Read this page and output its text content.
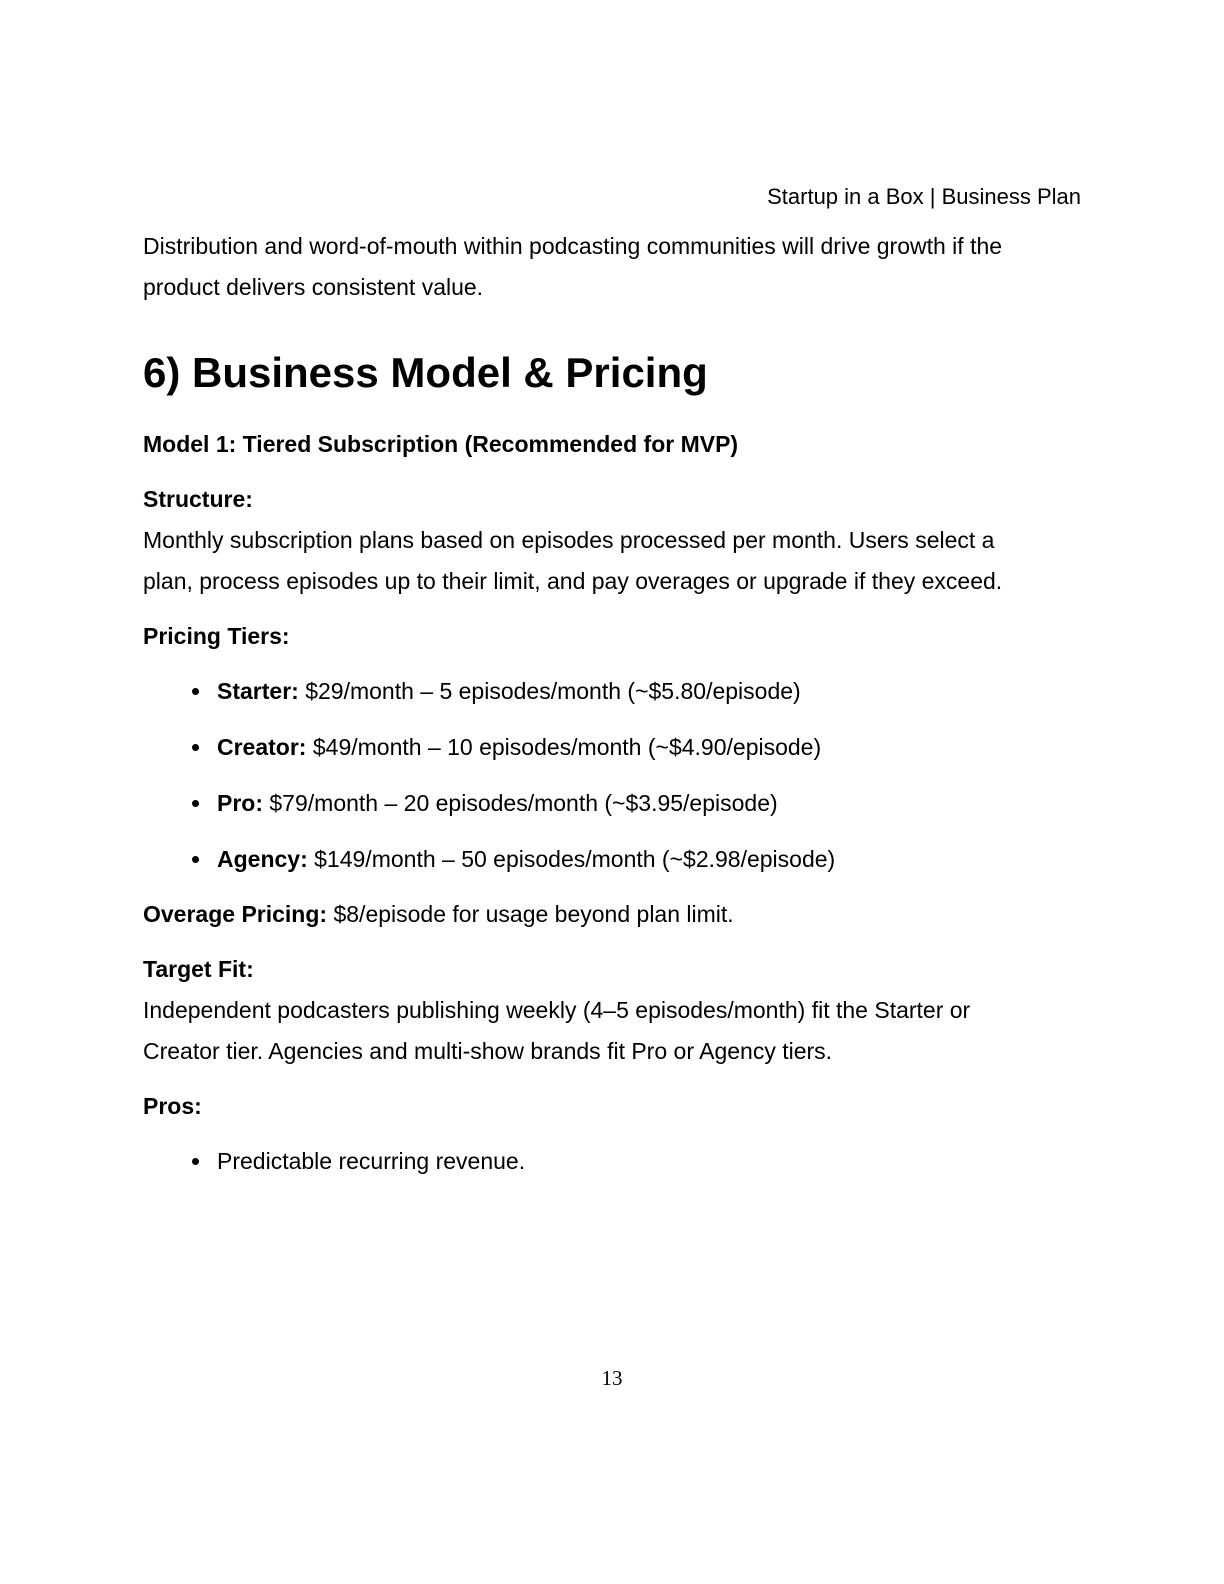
Startup in a Box | Business Plan

Distribution and word-of-mouth within podcasting communities will drive growth if the product delivers consistent value.

6) Business Model & Pricing

Model 1: Tiered Subscription (Recommended for MVP)

Structure:
Monthly subscription plans based on episodes processed per month. Users select a plan, process episodes up to their limit, and pay overages or upgrade if they exceed.

Pricing Tiers:

• Starter: $29/month – 5 episodes/month (~$5.80/episode)
• Creator: $49/month – 10 episodes/month (~$4.90/episode)
• Pro: $79/month – 20 episodes/month (~$3.95/episode)
• Agency: $149/month – 50 episodes/month (~$2.98/episode)

Overage Pricing: $8/episode for usage beyond plan limit.

Target Fit:
Independent podcasters publishing weekly (4–5 episodes/month) fit the Starter or Creator tier. Agencies and multi-show brands fit Pro or Agency tiers.

Pros:

• Predictable recurring revenue.
13
